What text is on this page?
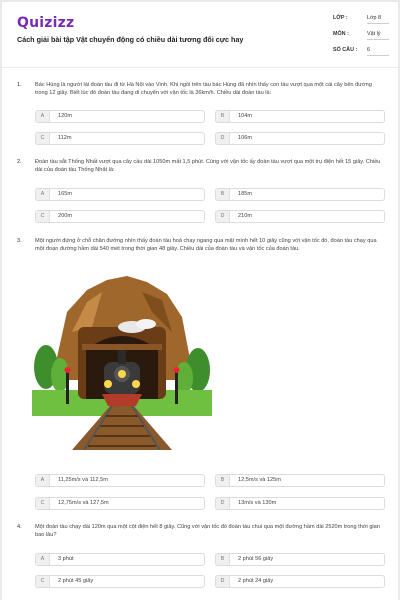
Quizizz
Cách giải bài tập Vật chuyển động có chiều dài tương đối cực hay
LỚP :	Lớp 8
MÔN :	Vật lý
SỐ CÂU : 6
1. Bác Hùng là người lái đoàn tàu đi từ Hà Nội vào Vinh. Khi ngồi trên tàu bác Hùng đã nhìn thấy con tàu vượt qua một cái cây bên đường trong 12 giây. Biết lúc đó đoàn tàu đang di chuyển với vận tốc là 36km/h. Chiều dài đoàn tàu là:
A	120m	B	104m
C	112m	D	106m
2. Đoàn tàu sắt Thống Nhất vượt qua cây cầu dài 1050m mất 1,5 phút. Cùng với vận tốc ấy đoàn tàu vượt qua một trụ điện hết 15 giây. Chiều dài của đoàn tàu Thống Nhất là:
A	165m	B	185m
C	200m	D	210m
3. Một người đứng ở chỗ chân đường nhìn thấy đoàn tàu hoả chạy ngang qua mặt mình hết 10 giây cũng với vận tốc đó, đoàn tàu chạy qua một đoạn đường hầm dài 540 mét trong thời gian 48 giây. Chiều dài của đoàn tàu và vận tốc của đoàn tàu.
A	11,25m/s và 112,5m	B	12,5m/s và 125m
C	12,75m/s và 127,5m	D	13m/s và 130m
4. Một đoàn tàu chạy dài 120m qua một cột điện hết 8 giây. Cũng với vận tốc đó đoàn tàu chui qua một đường hầm dài 2520m trong thời gian bao lâu?
A	3 phút	B	2 phút 56 giây
C	2 phút 45 giây	D	2 phút 24 giây
